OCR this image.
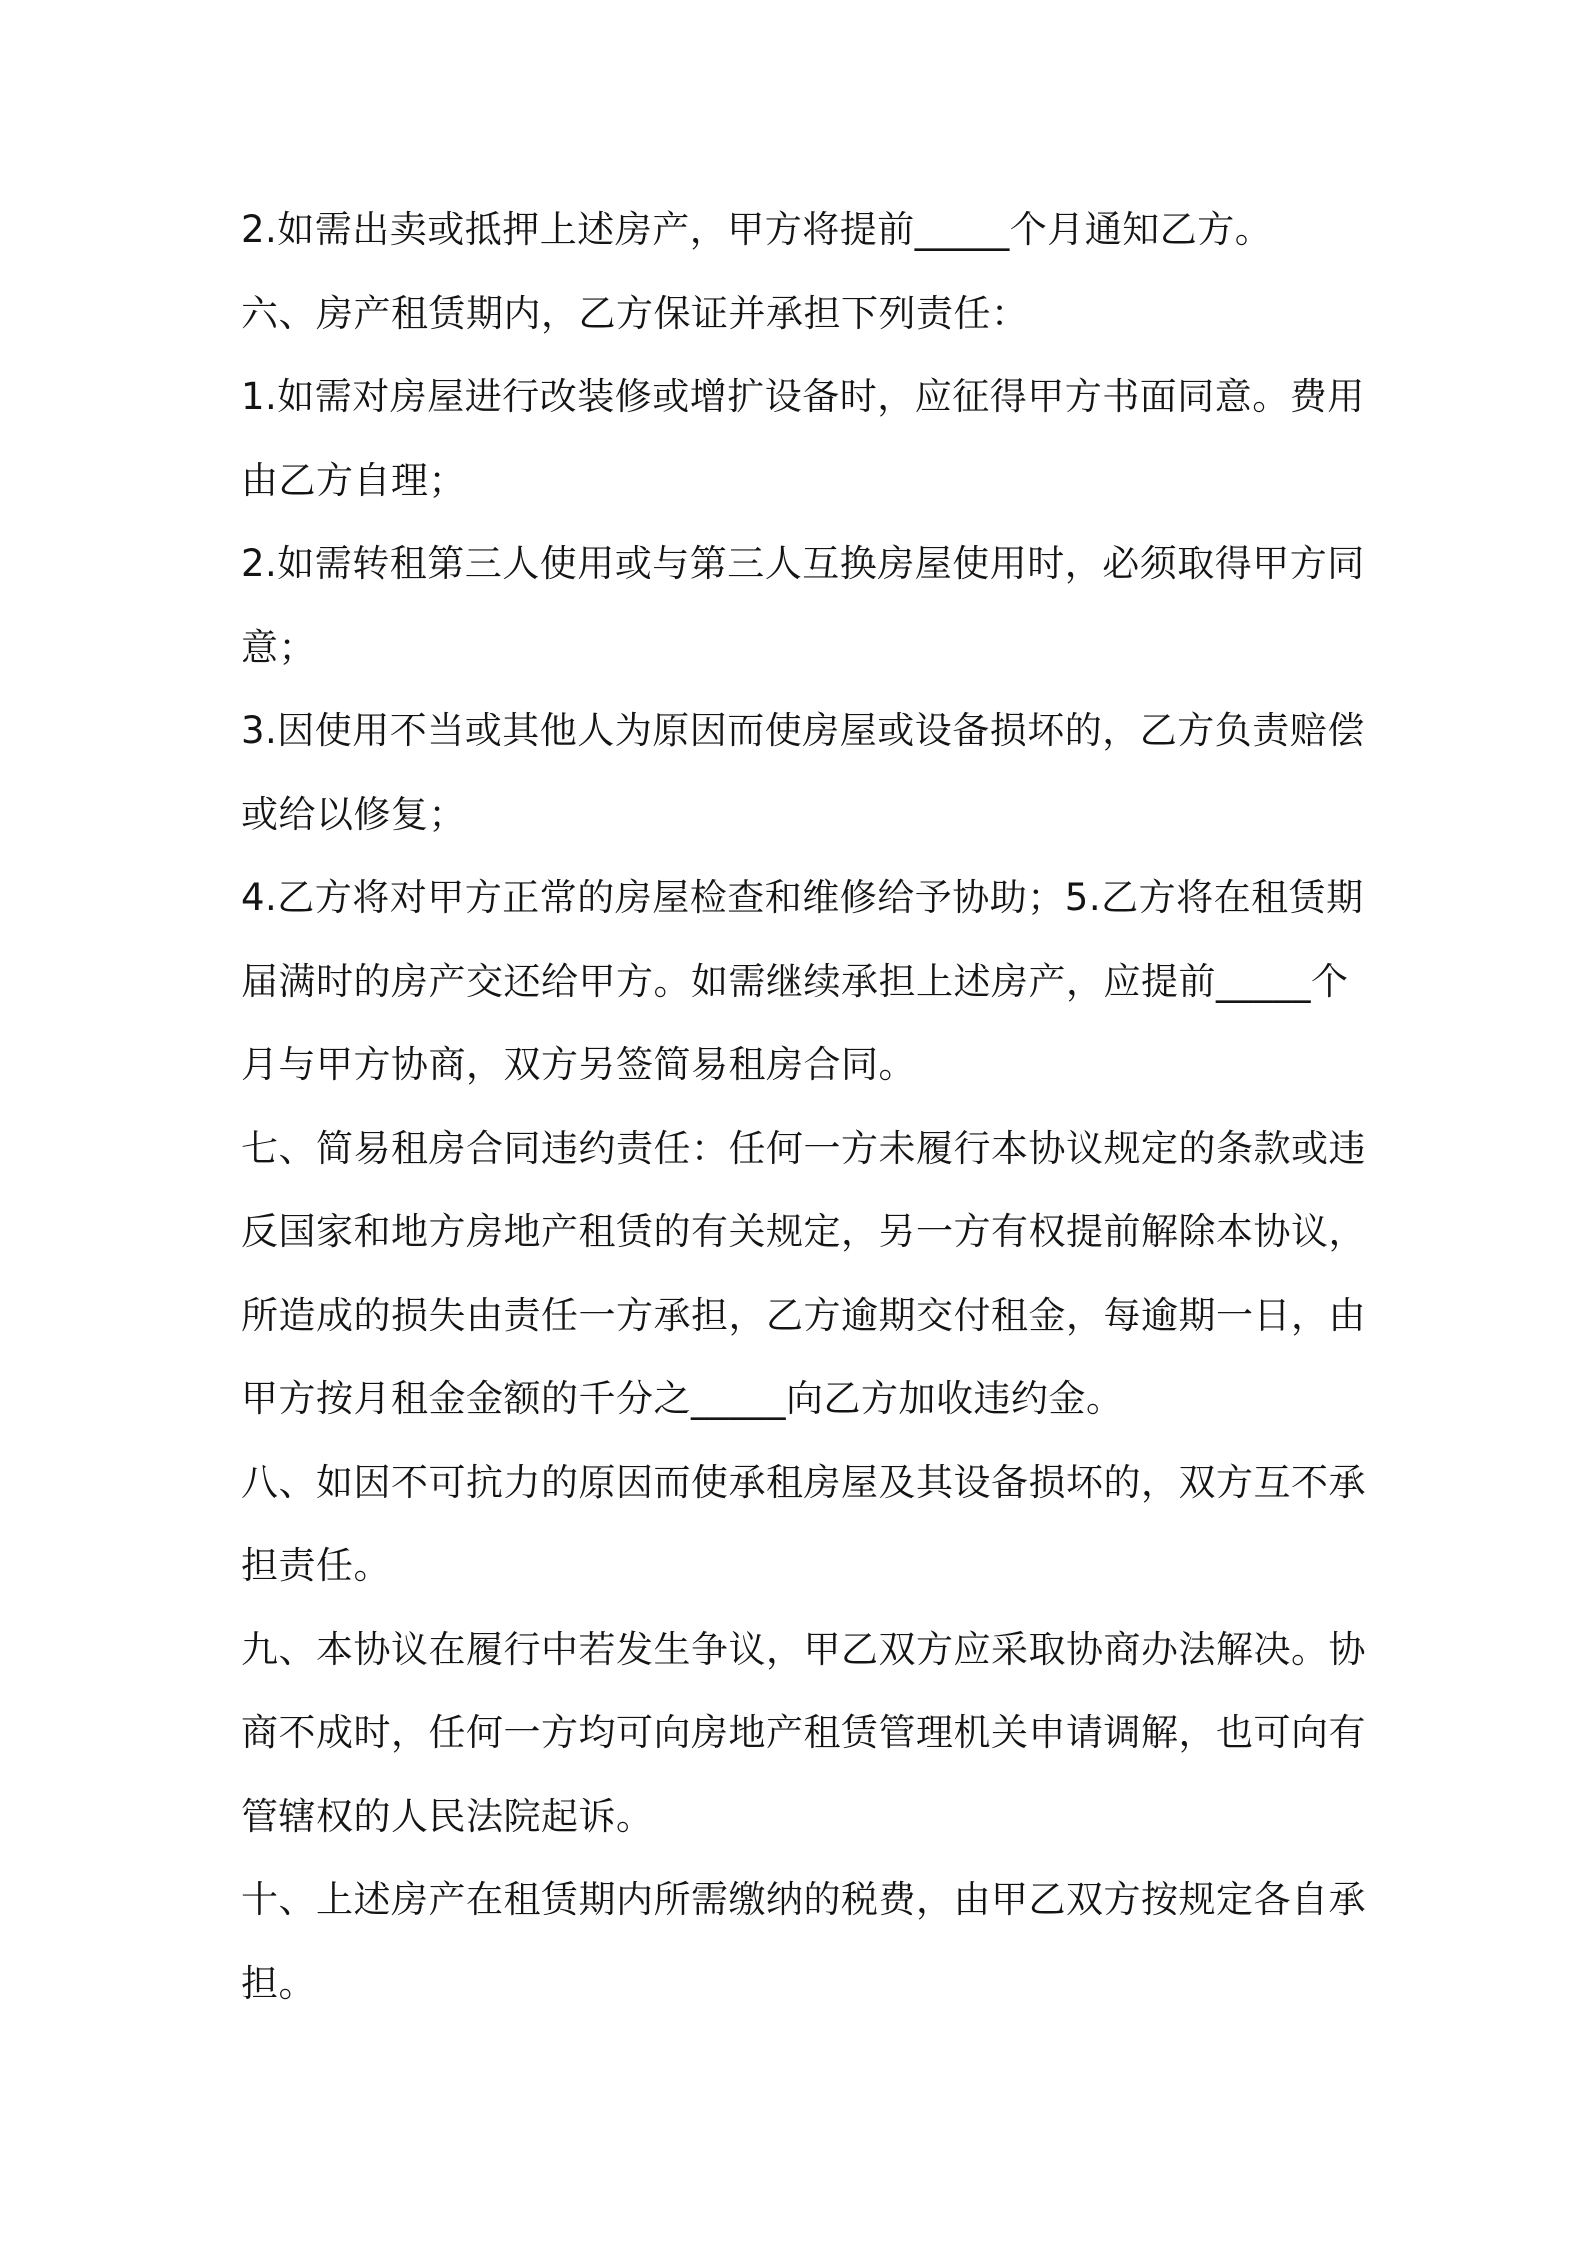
2.如需出卖或抵押上述房产，甲方将提前_____个月通知乙方。
六、房产租赁期内，乙方保证并承担下列责任：
1.如需对房屋进行改装修或增扩设备时，应征得甲方书面同意。费用
由乙方自理；
2.如需转租第三人使用或与第三人互换房屋使用时，必须取得甲方同
意；
3.因使用不当或其他人为原因而使房屋或设备损坏的，乙方负责赔偿
或给以修复；
4.乙方将对甲方正常的房屋检查和维修给予协助；5.乙方将在租赁期
届满时的房产交还给甲方。如需继续承担上述房产，应提前_____个
月与甲方协商，双方另签简易租房合同。
七、简易租房合同违约责任：任何一方未履行本协议规定的条款或违
反国家和地方房地产租赁的有关规定，另一方有权提前解除本协议，
所造成的损失由责任一方承担，乙方逾期交付租金，每逾期一日，由
甲方按月租金金额的千分之_____向乙方加收违约金。
八、如因不可抗力的原因而使承租房屋及其设备损坏的，双方互不承
担责任。
九、本协议在履行中若发生争议，甲乙双方应采取协商办法解决。协
商不成时，任何一方均可向房地产租赁管理机关申请调解，也可向有
管辖权的人民法院起诉。
十、上述房产在租赁期内所需缴纳的税费，由甲乙双方按规定各自承
担。
